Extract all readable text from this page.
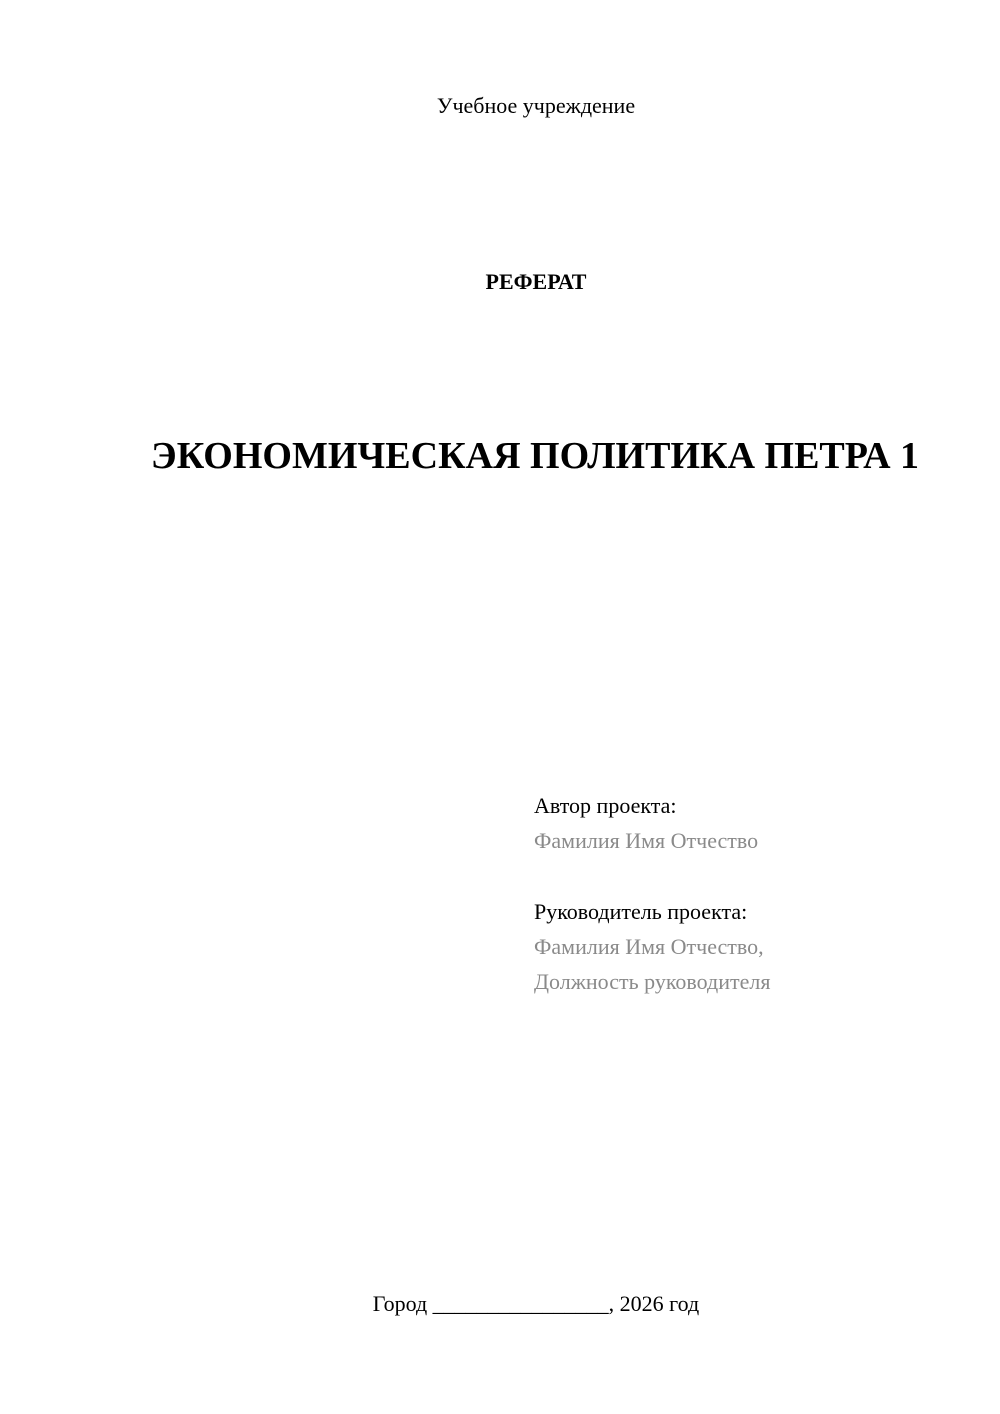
Учебное учреждение
РЕФЕРАТ
ЭКОНОМИЧЕСКАЯ ПОЛИТИКА ПЕТРА 1
Автор проекта:
Фамилия Имя Отчество
Руководитель проекта:
Фамилия Имя Отчество,
Должность руководителя
Город ________________, 2026 год
